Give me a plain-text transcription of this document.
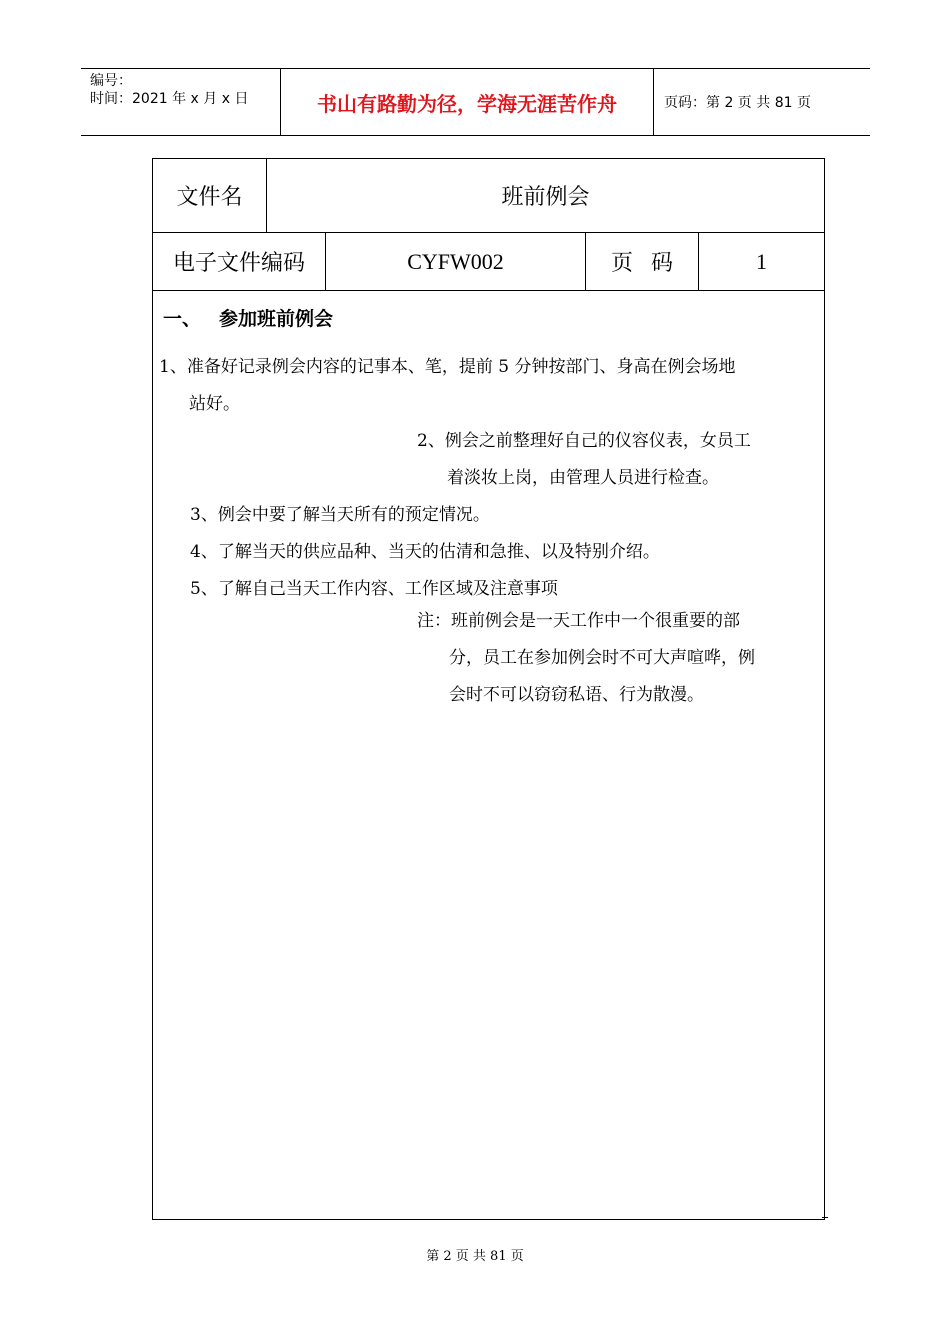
编号：
时间：2021 年 x 月 x 日	书山有路勤为径，学海无涯苦作舟	页码：第 2 页 共 81 页
文件名	班前例会
电子文件编码	CYFW002	页码	1
一、 参加班前例会
1、准备好记录例会内容的记事本、笔，提前 5 分钟按部门、身高在例会场地
站好。
2、例会之前整理好自己的仪容仪表，女员工
着淡妆上岗，由管理人员进行检查。
3、例会中要了解当天所有的预定情况。
4、了解当天的供应品种、当天的估清和急推、以及特别介绍。
5、了解自己当天工作内容、工作区域及注意事项
注：班前例会是一天工作中一个很重要的部
分，员工在参加例会时不可大声喧哗，例
会时不可以窃窃私语、行为散漫。
第 2 页 共 81 页
